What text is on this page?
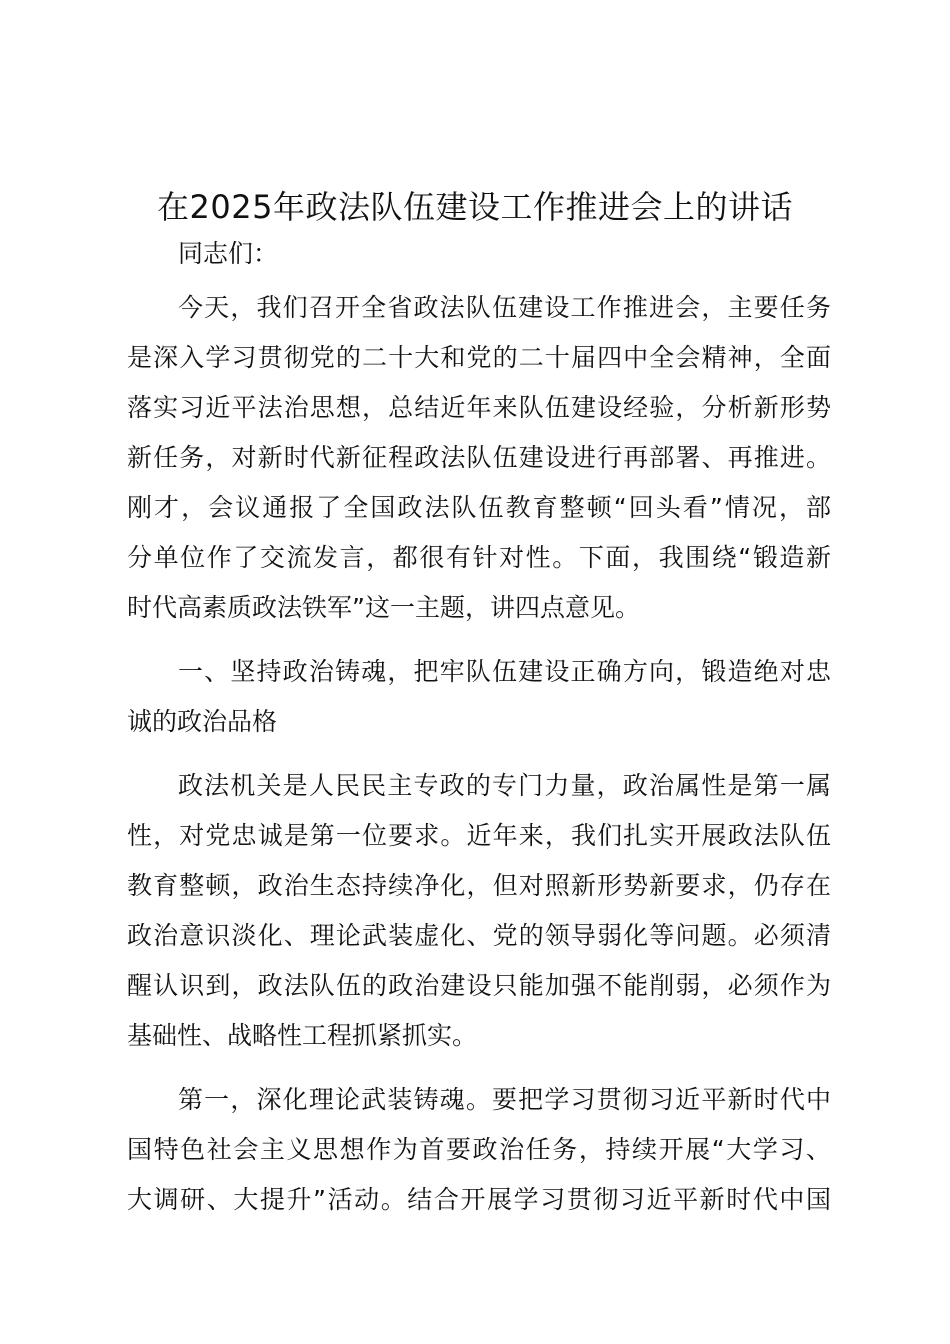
在2025年政法队伍建设工作推进会上的讲话
同志们：
今天，我们召开全省政法队伍建设工作推进会，主要任务
是深入学习贯彻党的二十大和党的二十届四中全会精神，全面
落实习近平法治思想，总结近年来队伍建设经验，分析新形势
新任务，对新时代新征程政法队伍建设进行再部署、再推进。
刚才，会议通报了全国政法队伍教育整顿“回头看”情况，部
分单位作了交流发言，都很有针对性。下面，我围绕“锻造新
时代高素质政法铁军”这一主题，讲四点意见。
一、坚持政治铸魂，把牢队伍建设正确方向，锻造绝对忠
诚的政治品格
政法机关是人民民主专政的专门力量，政治属性是第一属
性，对党忠诚是第一位要求。近年来，我们扎实开展政法队伍
教育整顿，政治生态持续净化，但对照新形势新要求，仍存在
政治意识淡化、理论武装虚化、党的领导弱化等问题。必须清
醒认识到，政法队伍的政治建设只能加强不能削弱，必须作为
基础性、战略性工程抓紧抓实。
第一，深化理论武装铸魂。要把学习贯彻习近平新时代中
国特色社会主义思想作为首要政治任务，持续开展“大学习、
大调研、大提升”活动。结合开展学习贯彻习近平新时代中国
